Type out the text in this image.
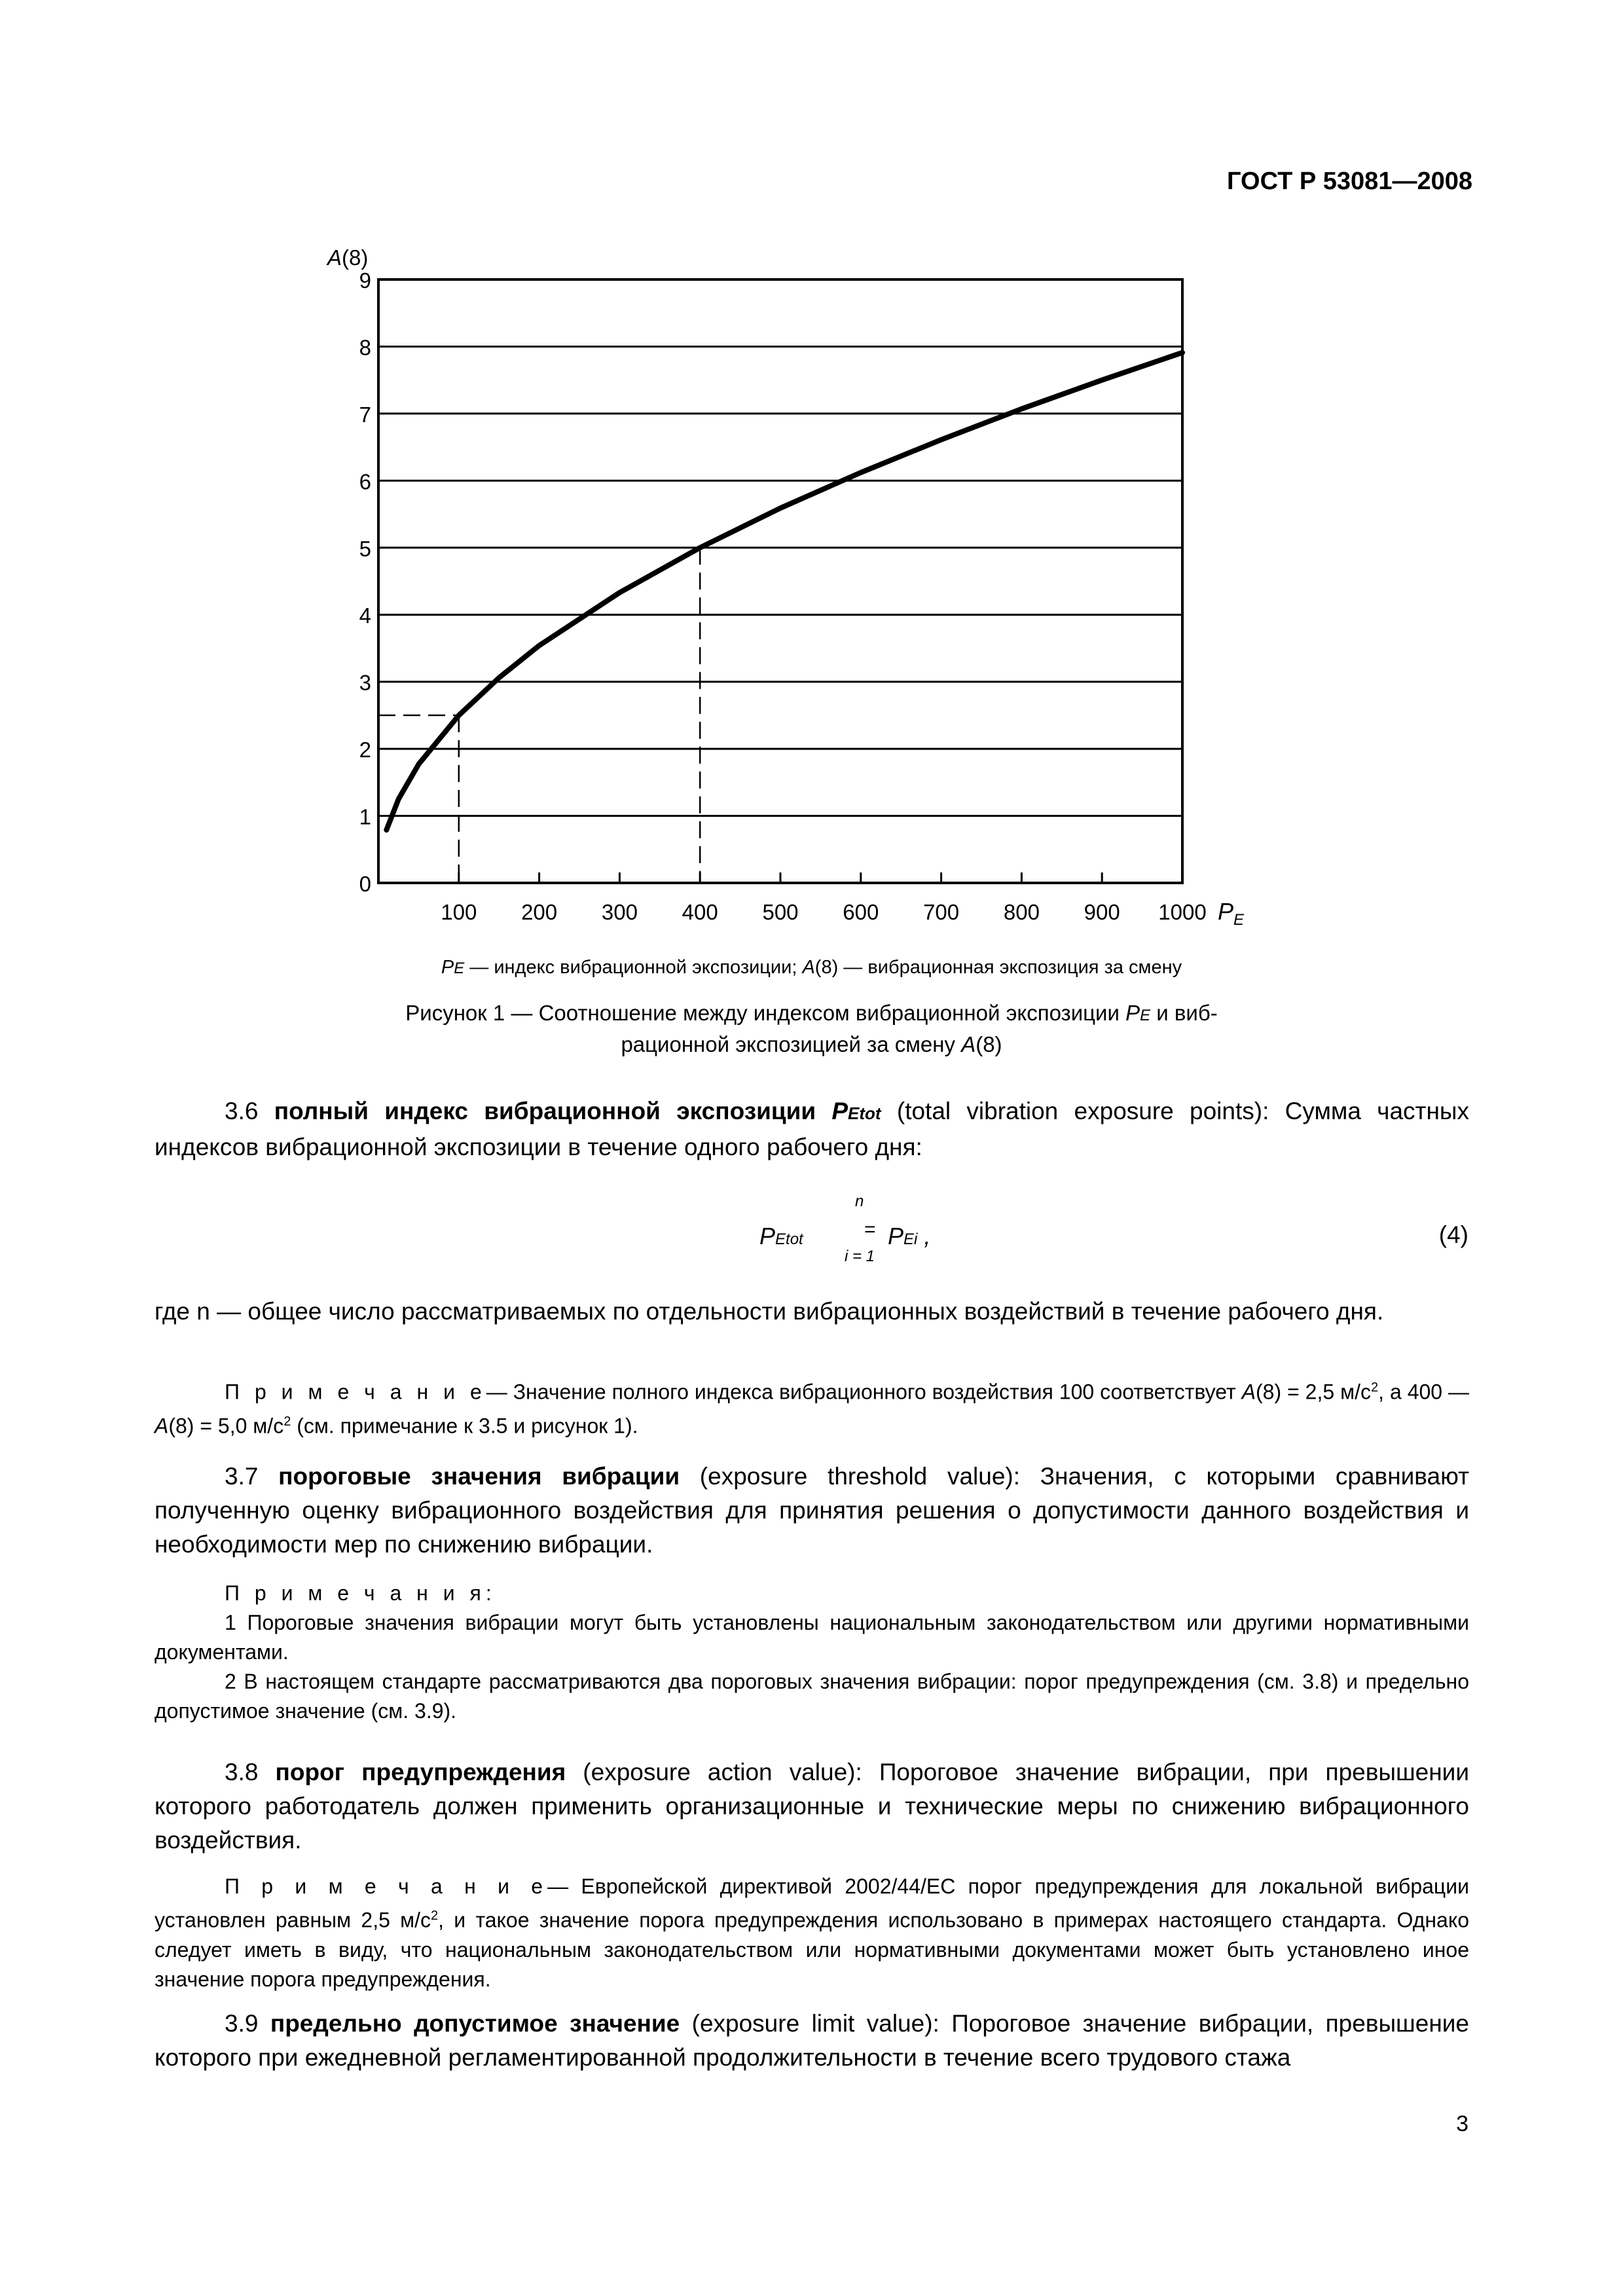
ГОСТ Р 53081—2008
0
1
2
3
4
5
6
7
8
9
100 200 300 400 500 600 700 800 900 1000
A(8)
$P_E$
PE — индекс вибрационной экспозиции; A(8) — вибрационная экспозиция за смену
Рисунок 1 — Соотношение между индексом вибрационной экспозиции PE и виб-
рационной экспозицией за смену A(8)
3.6 полный индекс вибрационной экспозиции PEtot (total vibration exposure points): Сумма частных индексов вибрационной экспозиции в течение одного рабочего дня:
PEtot	=
n
i = 1
PEi ,	(4)
где n — общее число рассматриваемых по отдельности вибрационных воздействий в течение рабочего дня.
П р и м е ч а н и е— Значение полного индекса вибрационного воздействия 100 соответствует A(8) = 2,5 $м/с^2$, а 400 — A(8) = 5,0 $м/с^2$ (см. примечание к 3.5 и рисунок 1).
3.7 пороговые значения вибрации (exposure threshold value): Значения, с которыми сравнивают полученную оценку вибрационного воздействия для принятия решения о допустимости данного воздействия и необходимости мер по снижению вибрации.
П р и м е ч а н и я:
1 Пороговые значения вибрации могут быть установлены национальным законодательством или другими нормативными документами.
2 В настоящем стандарте рассматриваются два пороговых значения вибрации: порог предупреждения (см. 3.8) и предельно допустимое значение (см. 3.9).
3.8 порог предупреждения (exposure action value): Пороговое значение вибрации, при превышении которого работодатель должен применить организационные и технические меры по снижению вибрационного воздействия.
П р и м е ч а н и е— Европейской директивой 2002/44/ЕС порог предупреждения для локальной вибрации установлен равным 2,5 $м/с^2$, и такое значение порога предупреждения использовано в примерах настоящего стандарта. Однако следует иметь в виду, что национальным законодательством или нормативными документами может быть установлено иное значение порога предупреждения.
3.9 предельно допустимое значение (exposure limit value): Пороговое значение вибрации, превышение которого при ежедневной регламентированной продолжительности в течение всего трудового стажа
3
